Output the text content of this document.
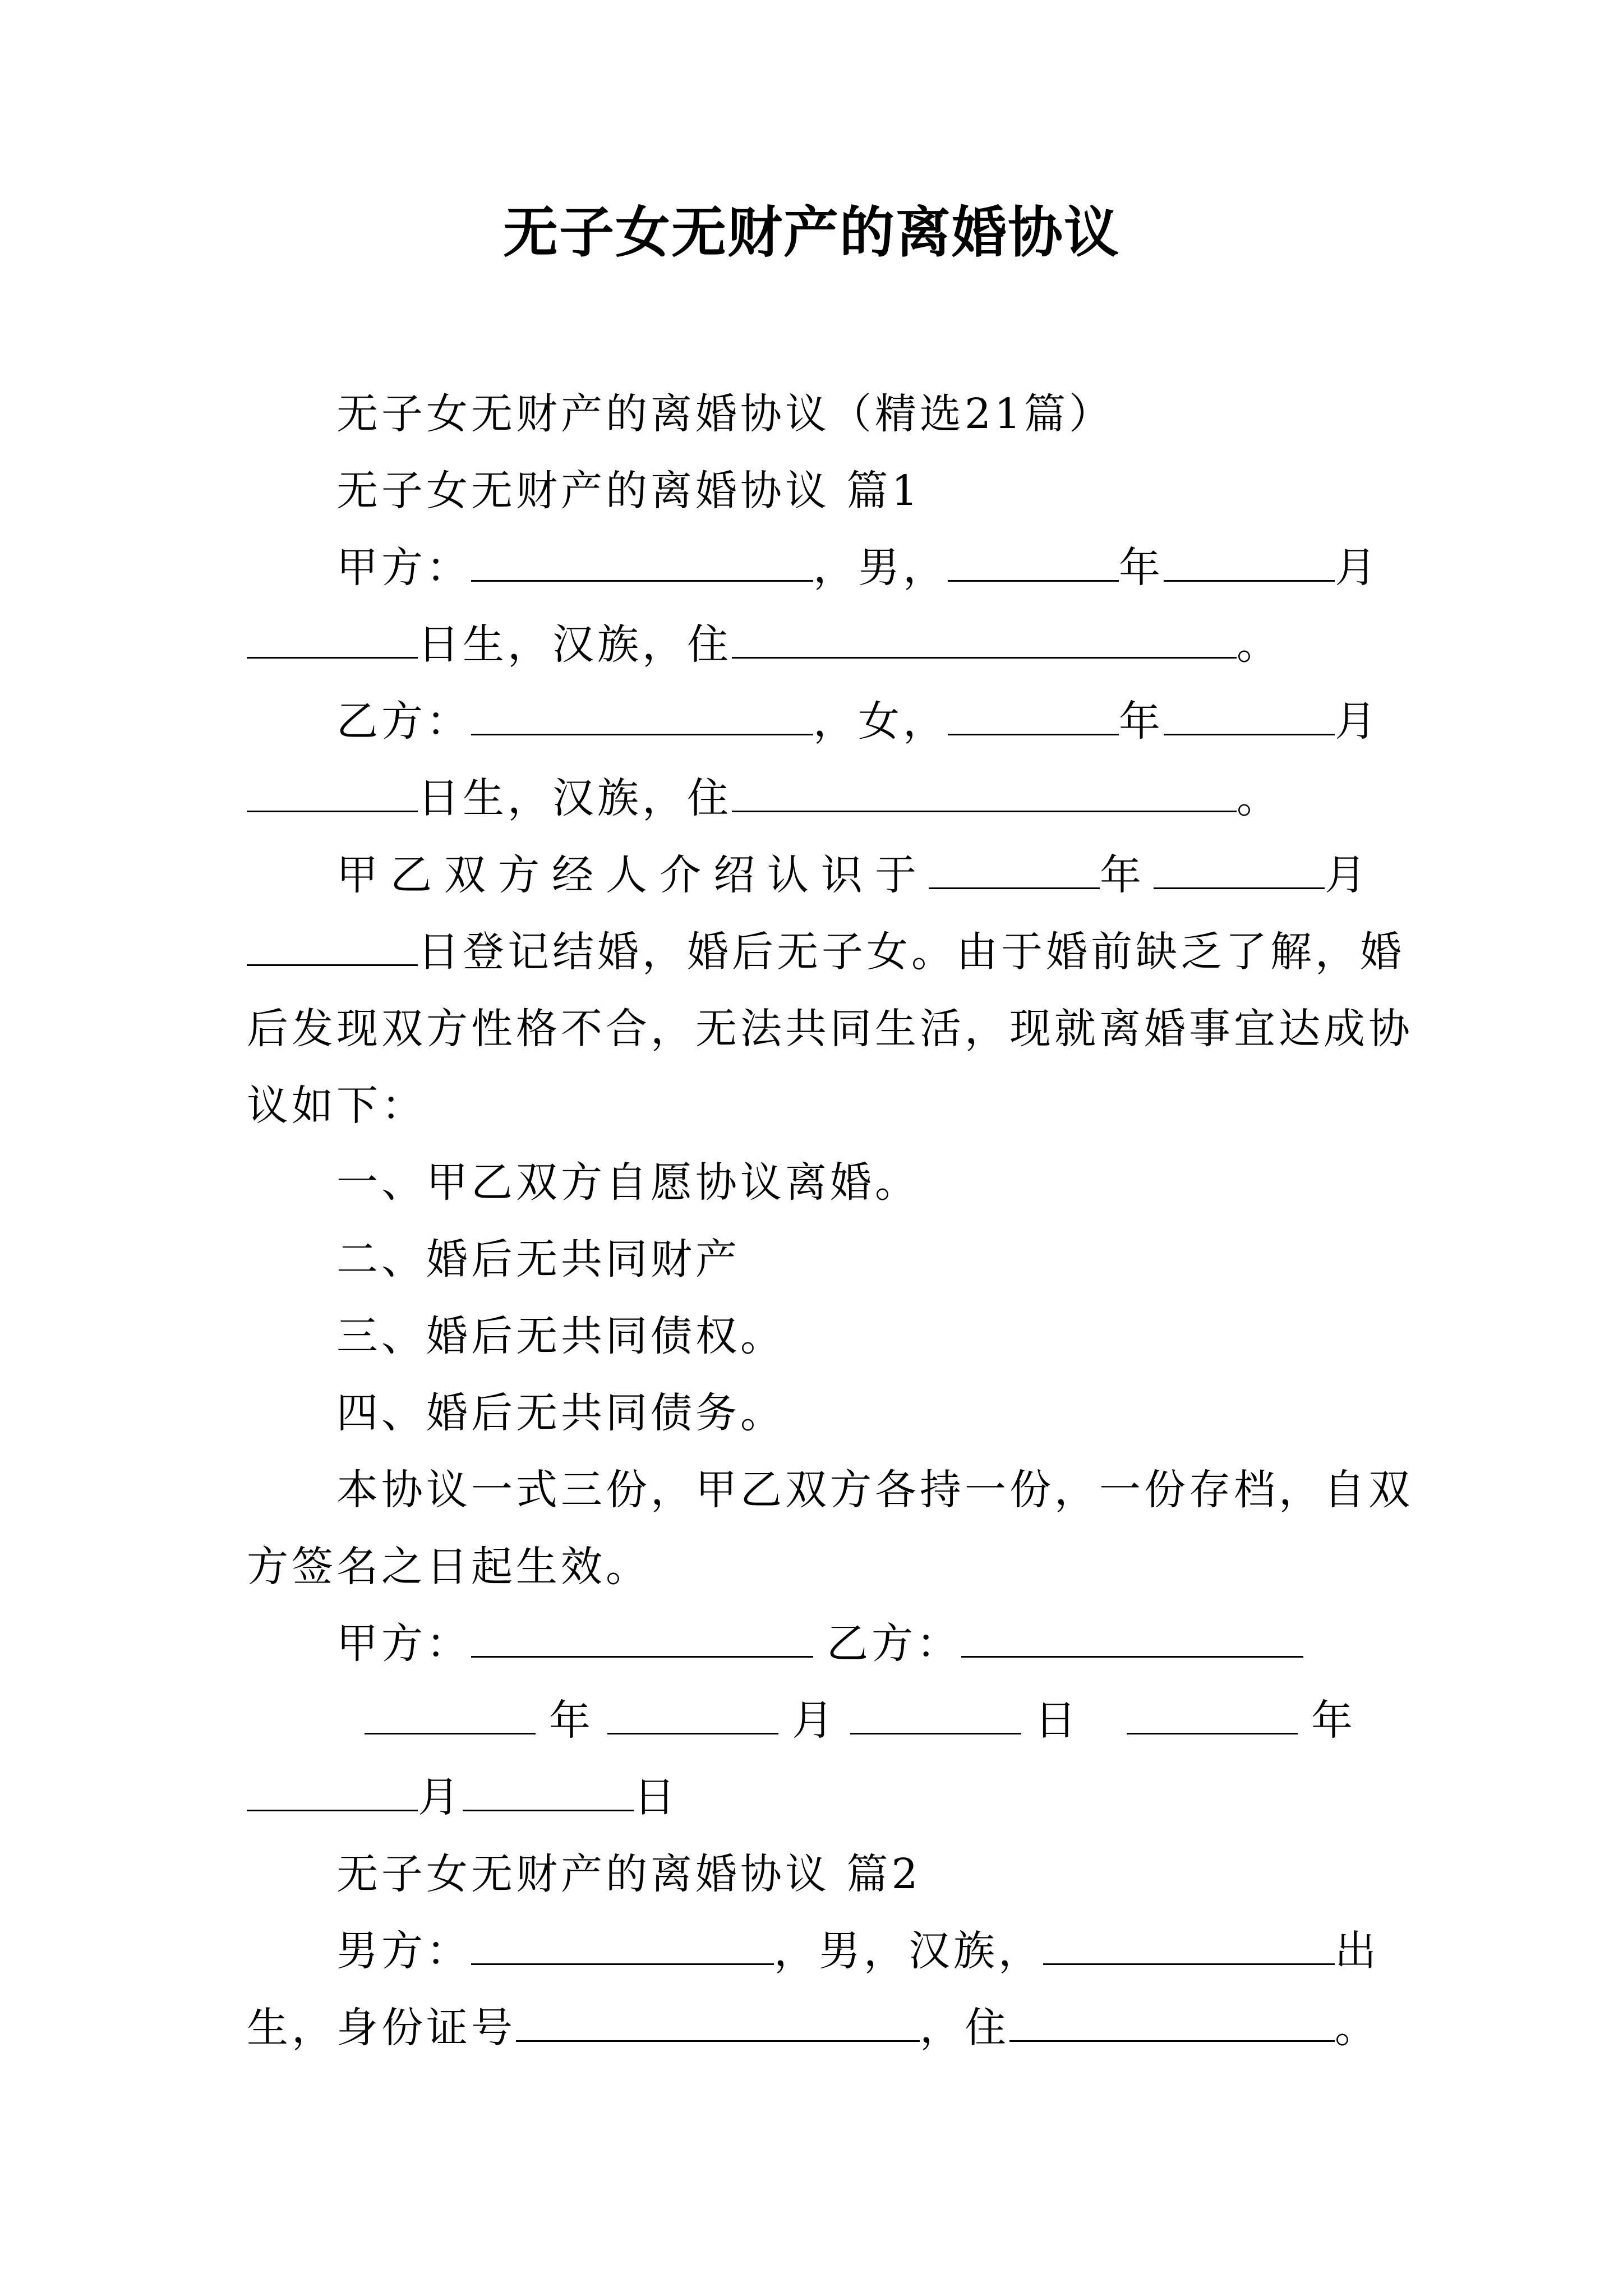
无子女无财产的离婚协议

无子女无财产的离婚协议（精选21篇）

无子女无财产的离婚协议 篇1

甲方：	，男，	年	月

日生，汉族，住	。

乙方：	，女，	年	月

日生，汉族，住	。

甲乙双方经人介绍认识于	年	月

日登记结婚，婚后无子女。由于婚前缺乏了解，婚

后发现双方性格不合，无法共同生活，现就离婚事宜达成协

议如下：

一、甲乙双方自愿协议离婚。

二、婚后无共同财产

三、婚后无共同债权。

四、婚后无共同债务。

本协议一式三份，甲乙双方各持一份，一份存档，自双

方签名之日起生效。

甲方：	乙方：

年	月	日	年

月	日

无子女无财产的离婚协议 篇2

男方：	，男，汉族，	出

生，身份证号	，住	。
